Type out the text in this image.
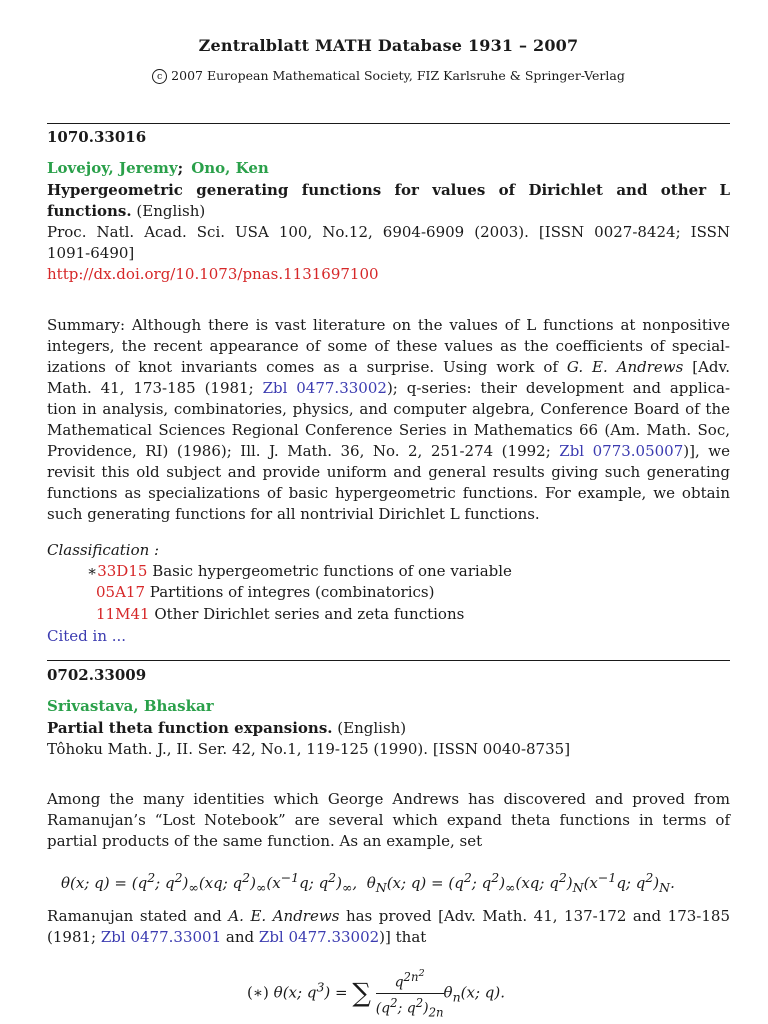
Zentralblatt MATH Database 1931 – 2007
c 2007 European Mathematical Society, FIZ Karlsruhe & Springer-Verlag
1070.33016
Lovejoy, Jeremy; Ono, Ken
Hypergeometric generating functions for values of Dirichlet and other L
functions. (English)
Proc. Natl. Acad. Sci. USA 100, No.12, 6904-6909 (2003). [ISSN 0027-8424; ISSN
1091-6490]
http://dx.doi.org/10.1073/pnas.1131697100
Summary: Although there is vast literature on the values of L functions at nonpositive
integers, the recent appearance of some of these values as the coefficients of special-
izations of knot invariants comes as a surprise. Using work of G. E. Andrews [Adv.
Math. 41, 173-185 (1981; Zbl 0477.33002); q-series: their development and applica-
tion in analysis, combinatories, physics, and computer algebra, Conference Board of the
Mathematical Sciences Regional Conference Series in Mathematics 66 (Am. Math. Soc,
Providence, RI) (1986); Ill. J. Math. 36, No. 2, 251-274 (1992; Zbl 0773.05007)], we
revisit this old subject and provide uniform and general results giving such generating
functions as specializations of basic hypergeometric functions. For example, we obtain
such generating functions for all nontrivial Dirichlet L functions.
Classification :
∗33D15 Basic hypergeometric functions of one variable
05A17 Partitions of integres (combinatorics)
11M41 Other Dirichlet series and zeta functions
Cited in ...
0702.33009
Srivastava, Bhaskar
Partial theta function expansions. (English)
Tôhoku Math. J., II. Ser. 42, No.1, 119-125 (1990). [ISSN 0040-8735]
Among the many identities which George Andrews has discovered and proved from
Ramanujan’s “Lost Notebook” are several which expand theta functions in terms of
partial products of the same function. As an example, set
θ(x; $q) = (q^2$; $q^2)_\infty(xq$; $q^2)_\infty(x^{-1}q$; $q^2)_\infty$,  $\theta_N(x$; $q) = (q^2$; $q^2)_\infty(xq$; $q^2)_N(x^{-1}q$; $q^2)_N$.
Ramanujan stated and A. E. Andrews has proved [Adv. Math. 41, 137-172 and 173-185
(1981; Zbl 0477.33001 and Zbl 0477.33002)] that
(∗) θ(x; $q^3$) = ∑ $\frac{q^{2n^2}}{(q^2; q^2)_{2n}} \theta_n(x$; q).
